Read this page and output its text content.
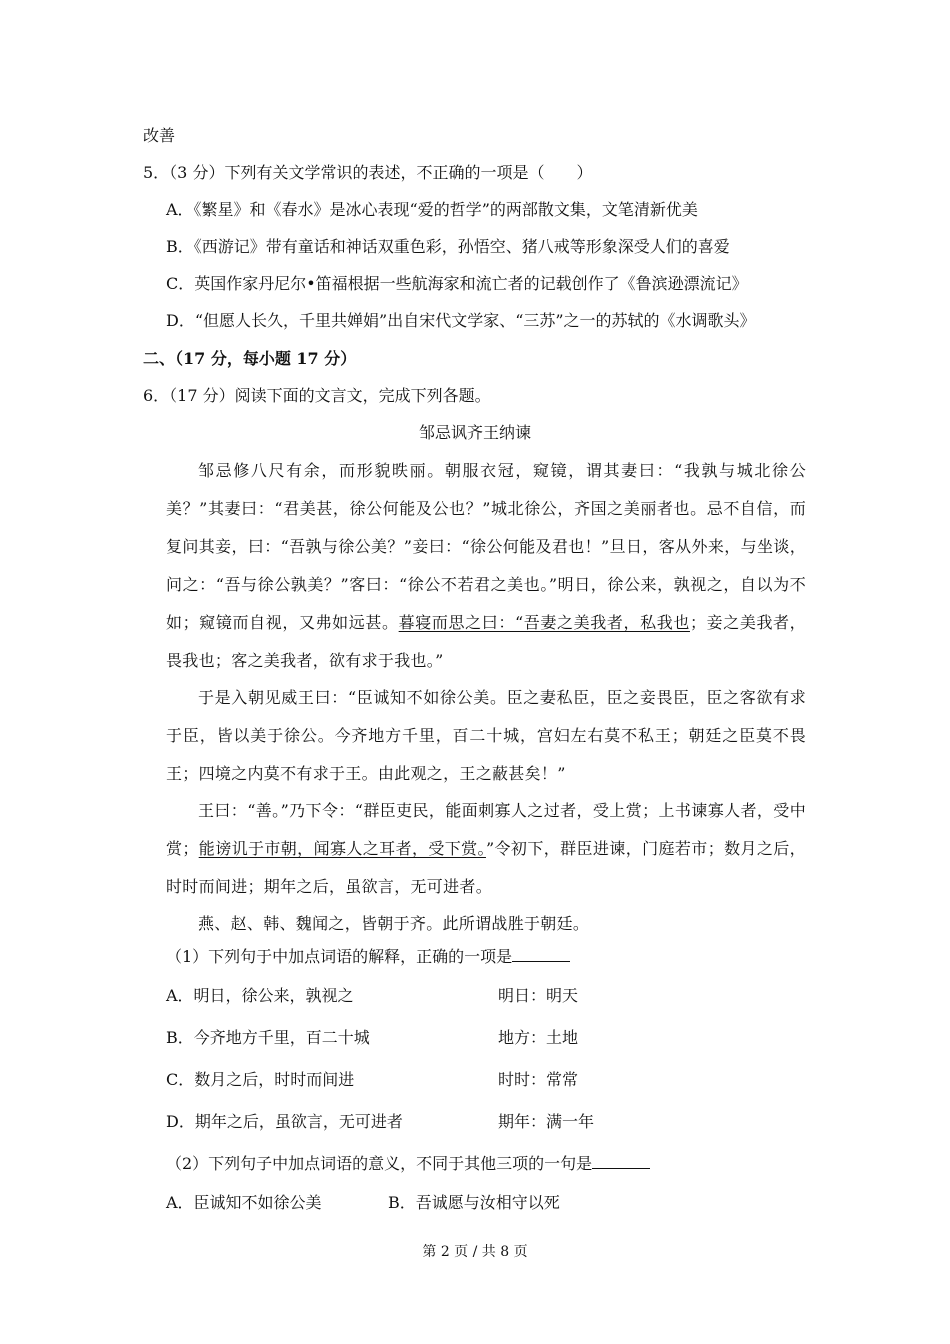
改善
5．（3 分）下列有关文学常识的表述，不正确的一项是（　　）
A．《繁星》和《春水》是冰心表现“爱的哲学”的两部散文集，文笔清新优美
B．《西游记》带有童话和神话双重色彩，孙悟空、猪八戒等形象深受人们的喜爱
C．英国作家丹尼尔•笛福根据一些航海家和流亡者的记载创作了《鲁滨逊漂流记》
D．“但愿人长久，千里共婵娟”出自宋代文学家、“三苏”之一的苏轼的《水调歌头》
二、（17 分，每小题 17 分）
6．（17 分）阅读下面的文言文，完成下列各题。
邹忌讽齐王纳谏
邹忌修八尺有余，而形貌昳丽。朝服衣冠，窥镜，谓其妻曰：“我孰与城北徐公美？”其妻曰：“君美甚，徐公何能及公也？”城北徐公，齐国之美丽者也。忌不自信，而复问其妾，曰：“吾孰与徐公美？”妾曰：“徐公何能及君也！”旦日，客从外来，与坐谈，问之：“吾与徐公孰美？”客曰：“徐公不若君之美也。”明日，徐公来，孰视之，自以为不如；窥镜而自视，又弗如远甚。暮寝而思之曰：“吾妻之美我者，私我也；妾之美我者，畏我也；客之美我者，欲有求于我也。”
于是入朝见威王曰：“臣诚知不如徐公美。臣之妻私臣，臣之妾畏臣，臣之客欲有求于臣，皆以美于徐公。今齐地方千里，百二十城，宫妇左右莫不私王；朝廷之臣莫不畏王；四境之内莫不有求于王。由此观之，王之蔽甚矣！”
王曰：“善。”乃下令：“群臣吏民，能面刺寡人之过者，受上赏；上书谏寡人者，受中赏；能谤讥于市朝，闻寡人之耳者，受下赏。”令初下，群臣进谏，门庭若市；数月之后，时时而间进；期年之后，虽欲言，无可进者。
燕、赵、韩、魏闻之，皆朝于齐。此所谓战胜于朝廷。
（1）下列句于中加点词语的解释，正确的一项是
A．明日，徐公来，孰视之	明日：明天
B．今齐地方千里，百二十城	地方：土地
C．数月之后，时时而间进	时时：常常
D．期年之后，虽欲言，无可进者	期年：满一年
（2）下列句子中加点词语的意义，不同于其他三项的一句是
A．臣诚知不如徐公美	B．吾诚愿与汝相守以死
第 2 页 / 共 8 页
